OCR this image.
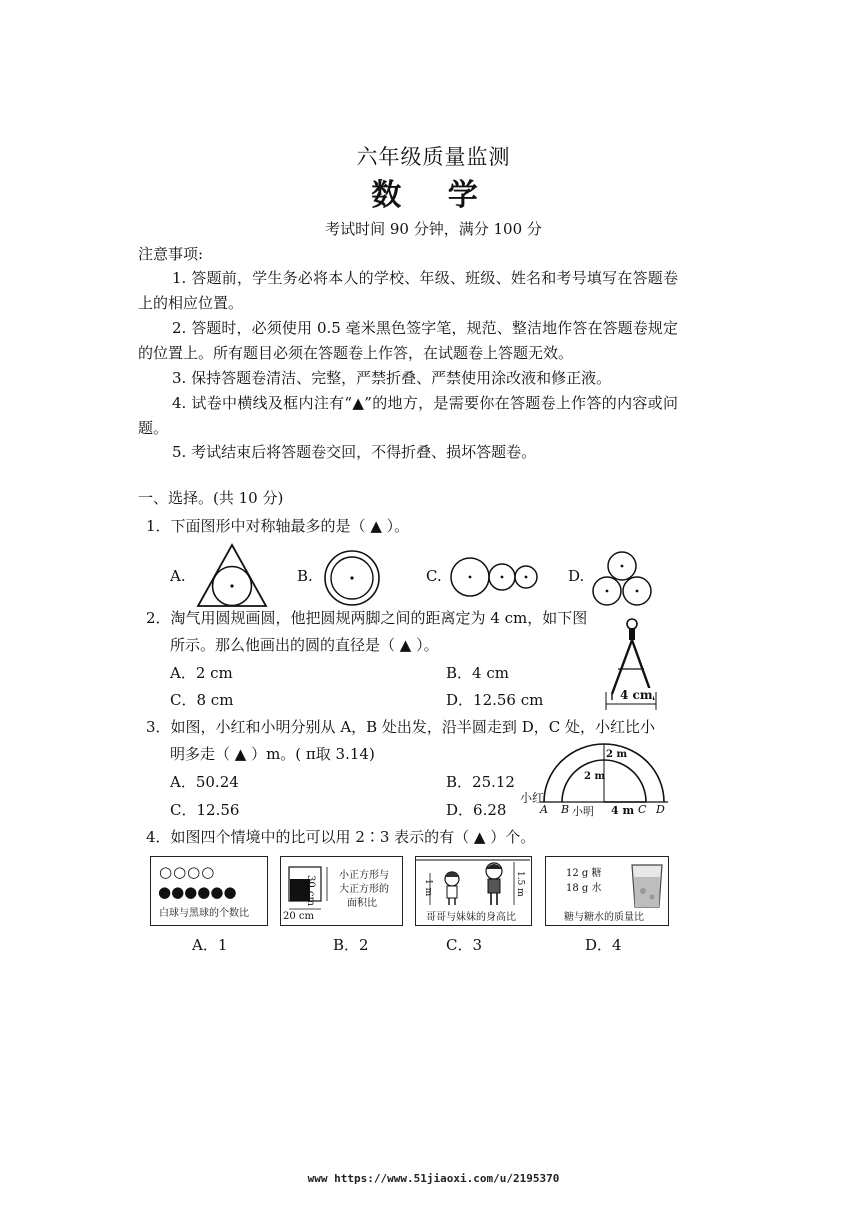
六年级质量监测
数 学
考试时间 90 分钟，满分 100 分
注意事项:
1. 答题前，学生务必将本人的学校、年级、班级、姓名和考号填写在答题卷上的相应位置。
2. 答题时，必须使用 0.5 毫米黑色签字笔，规范、整洁地作答在答题卷规定的位置上。所有题目必须在答题卷上作答，在试题卷上答题无效。
3. 保持答题卷清洁、完整，严禁折叠、严禁使用涂改液和修正液。
4. 试卷中横线及框内注有“▲”的地方，是需要你在答题卷上作答的内容或问题。
5. 考试结束后将答题卷交回，不得折叠、损坏答题卷。
一、选择。(共 10 分)
1．下面图形中对称轴最多的是（ ▲ ）。
A.	B.	C.	D.
2．淘气用圆规画圆，他把圆规两脚之间的距离定为 4 cm，如下图
所示。那么他画出的圆的直径是（ ▲ ）。
A．2 cm	B．4 cm
C．8 cm	D．12.56 cm	4 cm
3．如图，小红和小明分别从 A，B 处出发，沿半圆走到 D，C 处，小红比小
明多走（ ▲ ）m。( π取 3.14)
A．50.24	B．25.12
C．12.56	D．6.28
2 m
2 m
小红
A B 小明 4 m C D
4．如图四个情境中的比可以用 2∶3 表示的有（ ▲ ）个。
○○○○
●●●●●●
白球与黑球的个数比
30 cm
20 cm
小正方形与
大正方形的
面积比
1 m	1.5 m
哥哥与妹妹的身高比
12 g 糖
18 g 水
糖与糖水的质量比
A．1	B．2	C．3	D．4
www https://www.51jiaoxi.com/u/2195370
